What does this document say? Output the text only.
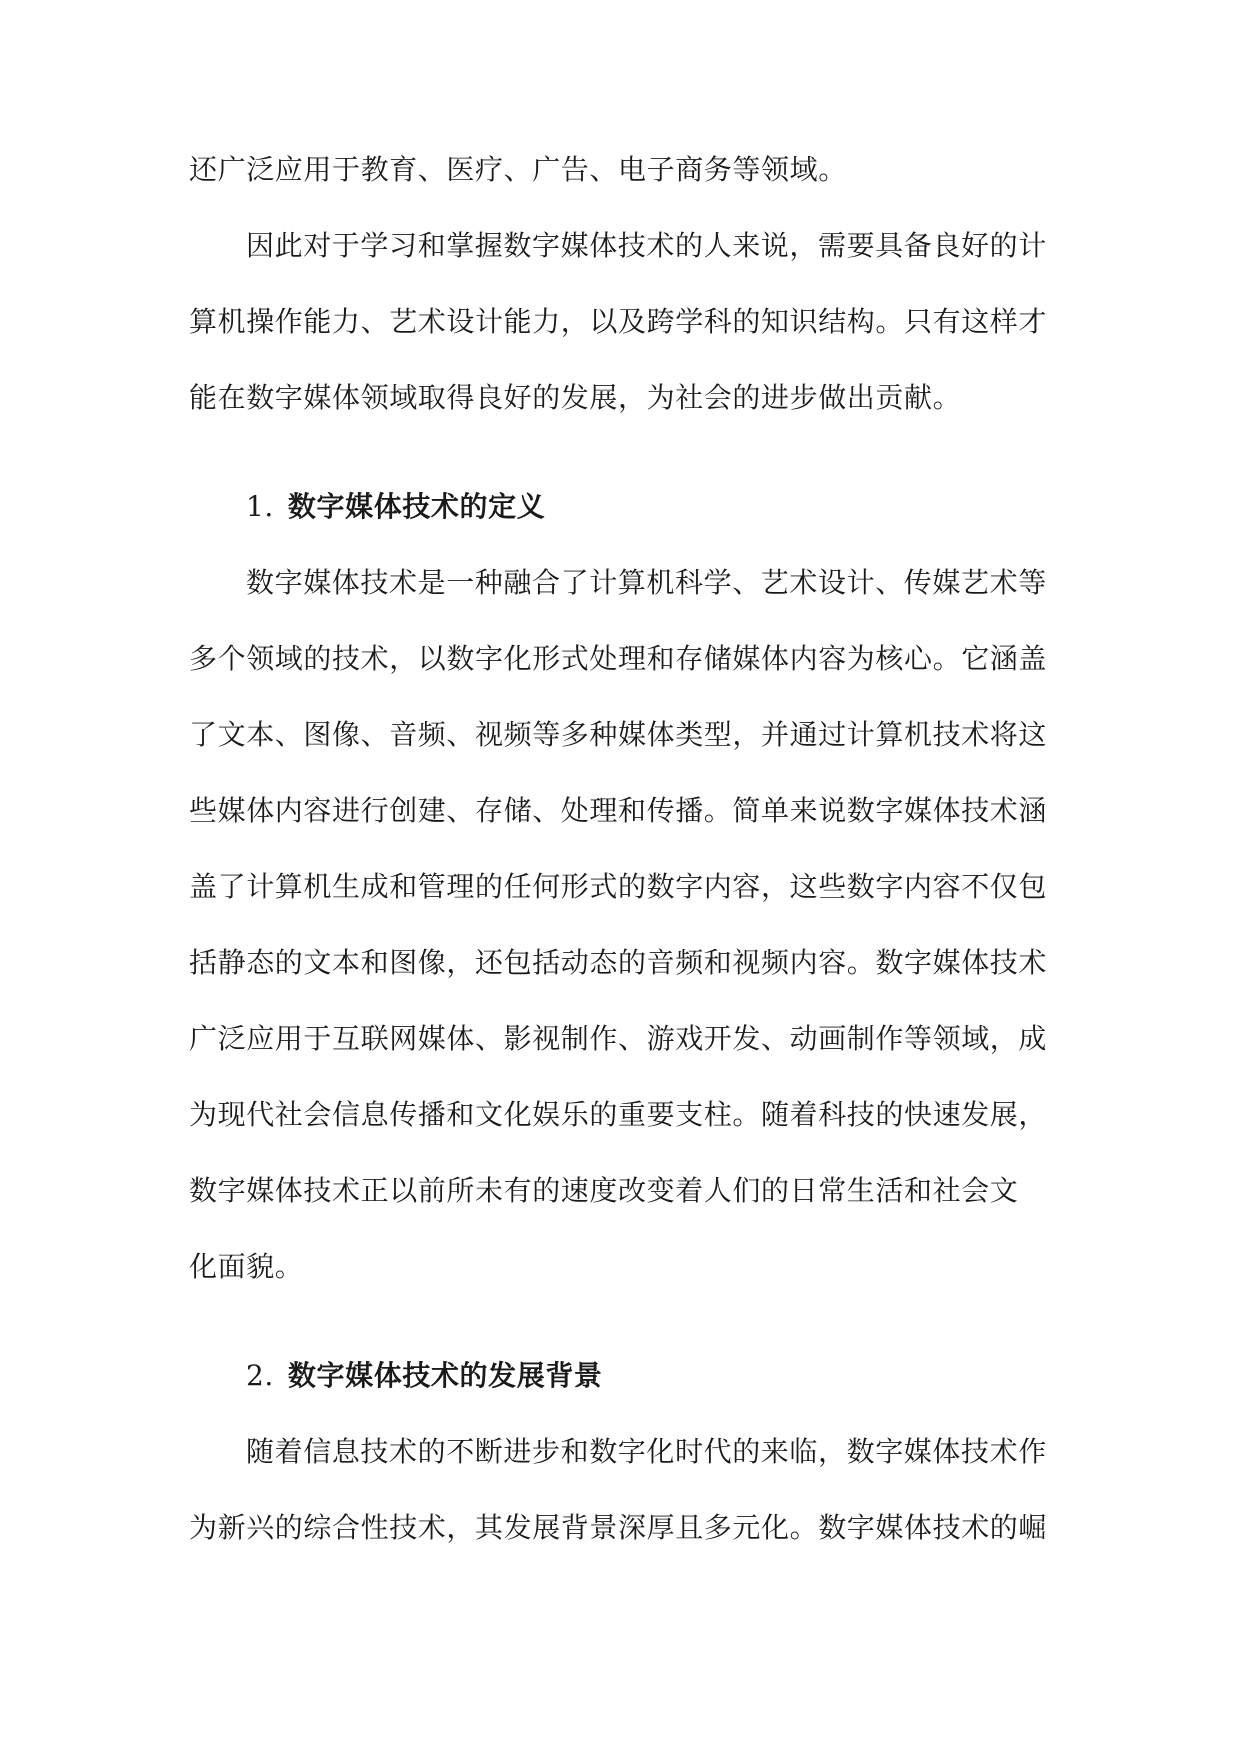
还广泛应用于教育、医疗、广告、电子商务等领域。
因此对于学习和掌握数字媒体技术的人来说，需要具备良好的计
算机操作能力、艺术设计能力，以及跨学科的知识结构。只有这样才
能在数字媒体领域取得良好的发展，为社会的进步做出贡献。
1. 数字媒体技术的定义
数字媒体技术是一种融合了计算机科学、艺术设计、传媒艺术等
多个领域的技术，以数字化形式处理和存储媒体内容为核心。它涵盖
了文本、图像、音频、视频等多种媒体类型，并通过计算机技术将这
些媒体内容进行创建、存储、处理和传播。简单来说数字媒体技术涵
盖了计算机生成和管理的任何形式的数字内容，这些数字内容不仅包
括静态的文本和图像，还包括动态的音频和视频内容。数字媒体技术
广泛应用于互联网媒体、影视制作、游戏开发、动画制作等领域，成
为现代社会信息传播和文化娱乐的重要支柱。随着科技的快速发展，
数字媒体技术正以前所未有的速度改变着人们的日常生活和社会文
化面貌。
2. 数字媒体技术的发展背景
随着信息技术的不断进步和数字化时代的来临，数字媒体技术作
为新兴的综合性技术，其发展背景深厚且多元化。数字媒体技术的崛
